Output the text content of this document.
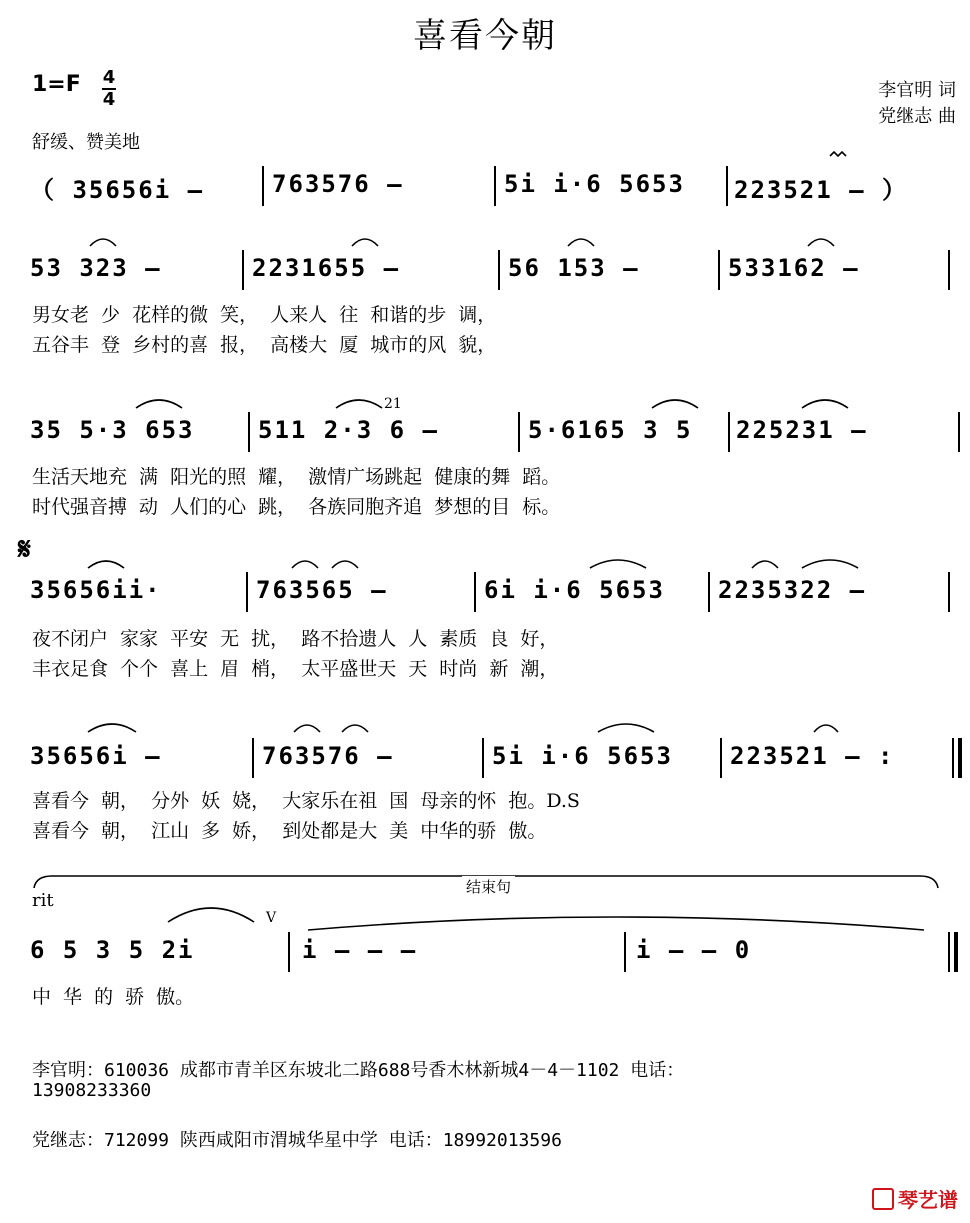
喜看今朝
1=F 4
4
舒缓、赞美地
李官明 词
党继志 曲
（ 35656i –	763576 –	5i i·6 5653 223521 – ）
53 323 –	2231655 –	56 153 –	533162 –
男女老 少 花样的微 笑， 人来人 往 和谐的步 调，
五谷丰 登 乡村的喜 报， 高楼大 厦 城市的风 貌，
35 5·3 653	511 2·3 6 –	5·6165 3 5 225231 –
21
生活天地充 满 阳光的照 耀， 激情广场跳起 健康的舞 蹈。
时代强音搏 动 人们的心 跳， 各族同胞齐追 梦想的目 标。
𝄋
35656ii·	763565 –	6i i·6 5653 2235322 –
夜不闭户 家家 平安 无 扰， 路不拾遗人 人 素质 良 好，
丰衣足食 个个 喜上 眉 梢， 太平盛世天 天 时尚 新 潮，
35656i –	763576 –	5i i·6 5653 223521 – :
喜看今 朝， 分外 妖 娆， 大家乐在祖 国 母亲的怀 抱。D.S
喜看今 朝， 江山 多 娇， 到处都是大 美 中华的骄 傲。
结束句
rit
6 5 3 5 2i	i – – –	i – – 0
V
中 华 的 骄 傲。
李官明：610036 成都市青羊区东坡北二路688号香木林新城4－4－1102 电话：
13908233360
党继志：712099 陕西咸阳市渭城华星中学 电话：18992013596
琴艺谱
